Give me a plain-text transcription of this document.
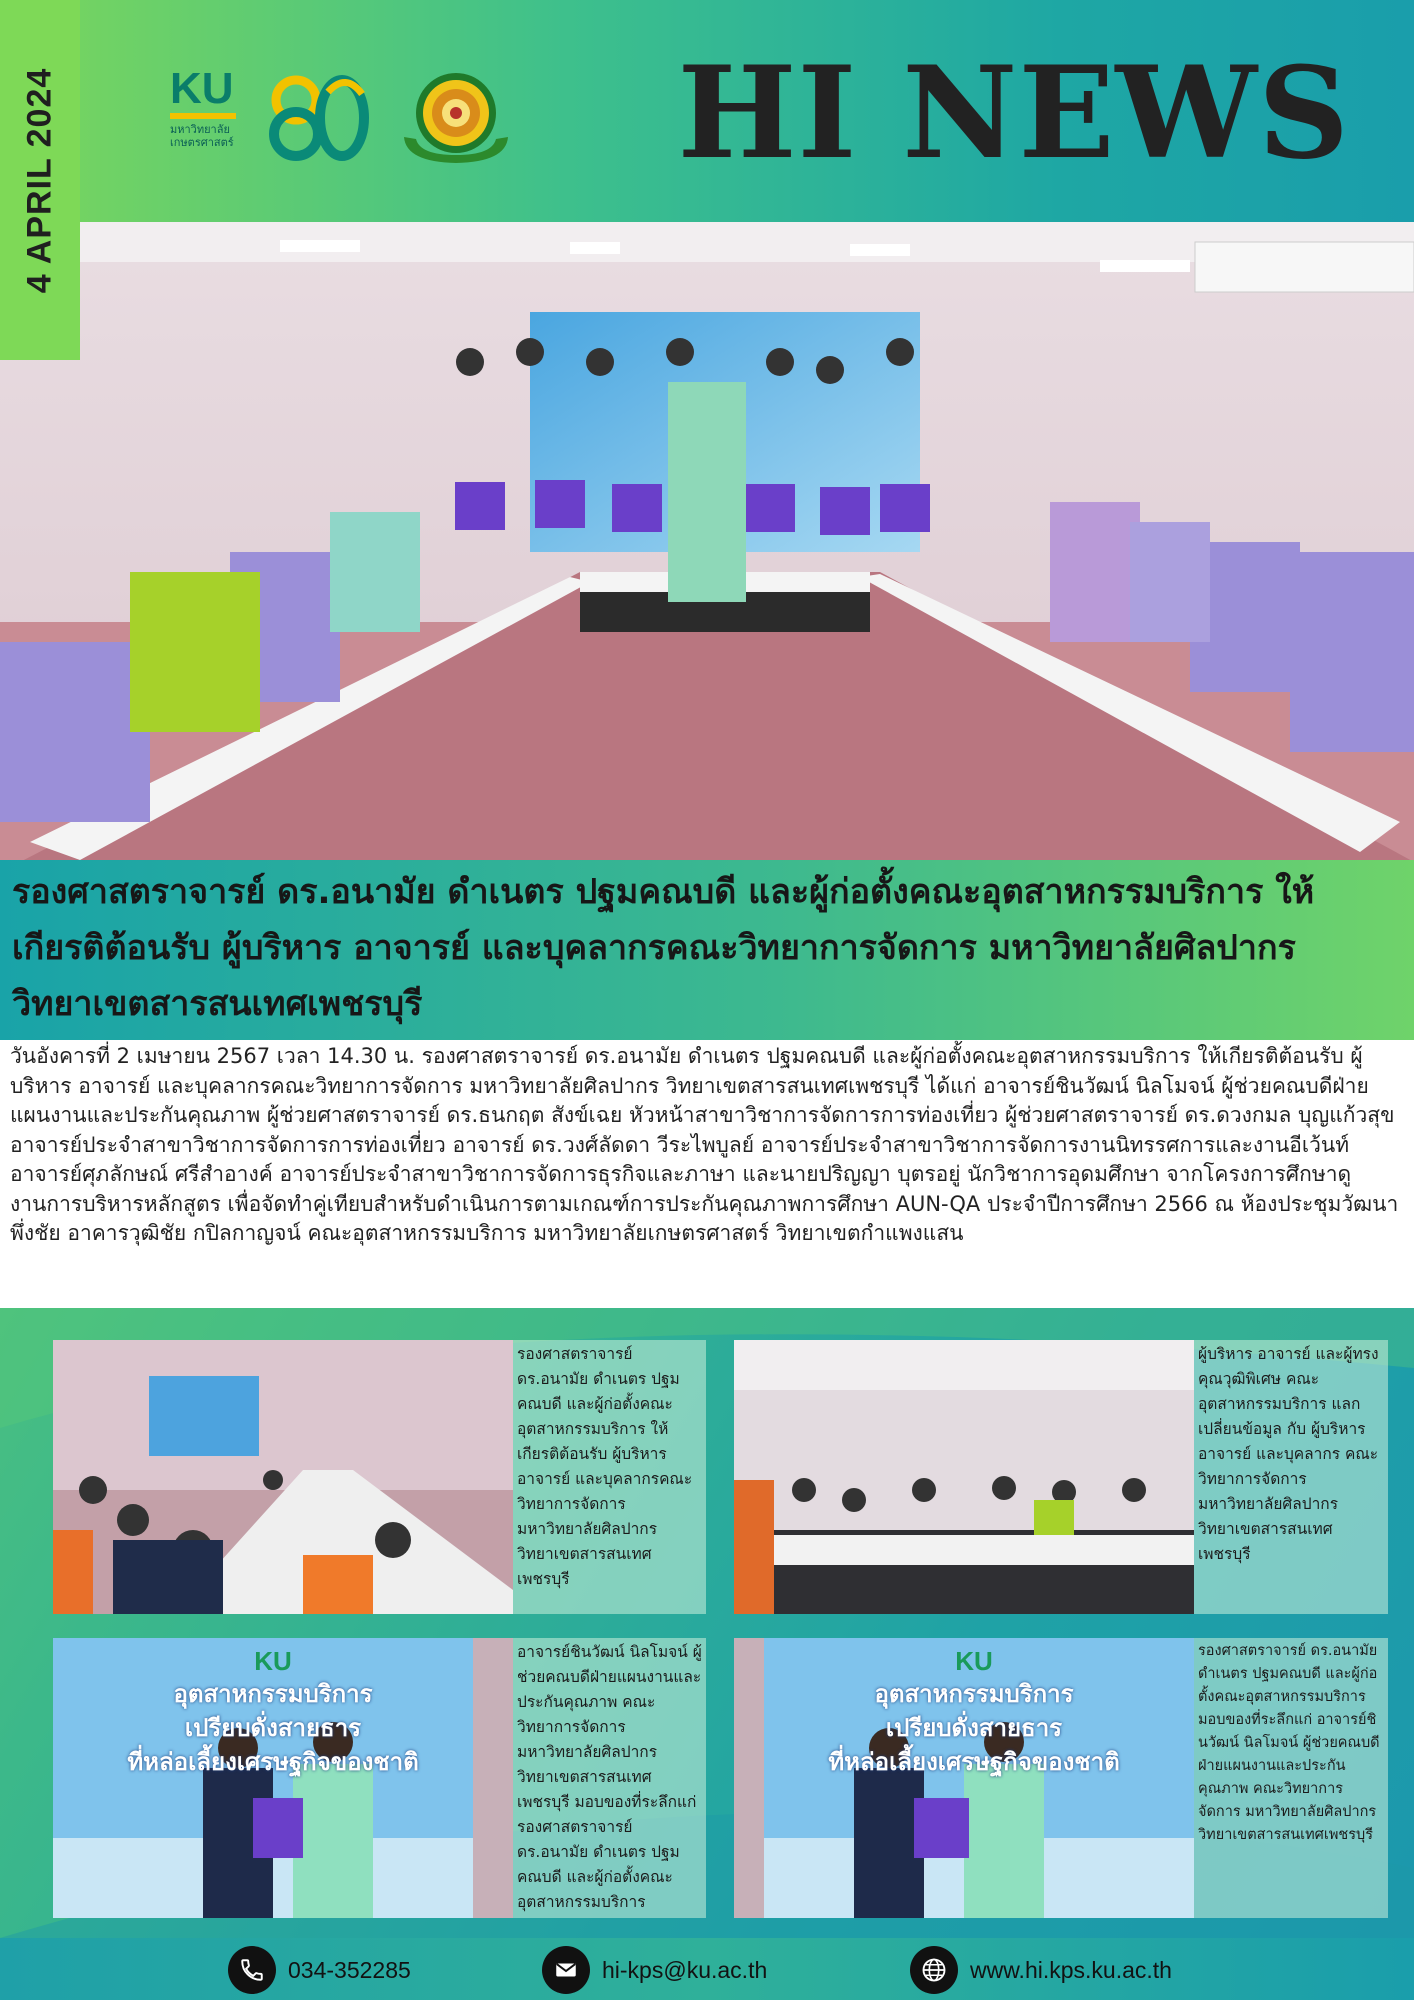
KU
มหาวิทยาลัย
เกษตรศาสตร์	HI NEWS
4 APRIL 2024
รองศาสตราจารย์ ดร.อนามัย ดำเนตร ปฐมคณบดี และผู้ก่อตั้งคณะอุตสาหกรรมบริการ ให้เกียรติต้อนรับ ผู้บริหาร อาจารย์ และบุคลากรคณะวิทยาการจัดการ มหาวิทยาลัยศิลปากร วิทยาเขตสารสนเทศเพชรบุรี

วันอังคารที่ 2 เมษายน 2567 เวลา 14.30 น. รองศาสตราจารย์ ดร.อนามัย ดำเนตร ปฐมคณบดี และผู้ก่อตั้งคณะอุตสาหกรรมบริการ ให้เกียรติต้อนรับ ผู้บริหาร อาจารย์ และบุคลากรคณะวิทยาการจัดการ มหาวิทยาลัยศิลปากร วิทยาเขตสารสนเทศเพชรบุรี ได้แก่ อาจารย์ชินวัฒน์ นิลโมจน์ ผู้ช่วยคณบดีฝ่ายแผนงานและประกันคุณภาพ ผู้ช่วยศาสตราจารย์ ดร.ธนกฤต สังข์เฉย หัวหน้าสาขาวิชาการจัดการการท่องเที่ยว ผู้ช่วยศาสตราจารย์ ดร.ดวงกมล บุญแก้วสุข อาจารย์ประจำสาขาวิชาการจัดการการท่องเที่ยว อาจารย์ ดร.วงศ์ลัดดา วีระไพบูลย์ อาจารย์ประจำสาขาวิชาการจัดการงานนิทรรศการและงานอีเว้นท์ อาจารย์ศุภลักษณ์ ศรีสำอางค์ อาจารย์ประจำสาขาวิชาการจัดการธุรกิจและภาษา และนายปริญญา บุตรอยู่ นักวิชาการอุดมศึกษา จากโครงการศึกษาดูงานการบริหารหลักสูตร เพื่อจัดทำคู่เทียบสำหรับดำเนินการตามเกณฑ์การประกันคุณภาพการศึกษา AUN-QA ประจำปีการศึกษา 2566 ณ ห้องประชุมวัฒนา พึ่งชัย อาคารวุฒิชัย กปิลกาญจน์ คณะอุตสาหกรรมบริการ มหาวิทยาลัยเกษตรศาสตร์ วิทยาเขตกำแพงแสน

รองศาสตราจารย์ ดร.อนามัย ดำเนตร ปฐมคณบดี และผู้ก่อตั้งคณะอุตสาหกรรมบริการ ให้เกียรติต้อนรับ ผู้บริหาร อาจารย์ และบุคลากรคณะวิทยาการจัดการ มหาวิทยาลัยศิลปากร วิทยาเขตสารสนเทศเพชรบุรี
ผู้บริหาร อาจารย์ และผู้ทรงคุณวุฒิพิเศษ คณะอุตสาหกรรมบริการ แลกเปลี่ยนข้อมูล กับ ผู้บริหาร อาจารย์ และบุคลากร คณะวิทยาการจัดการ มหาวิทยาลัยศิลปากร วิทยาเขตสารสนเทศเพชรบุรี
KU
อุตสาหกรรมบริการ
เปรียบดั่งสายธาร
ที่หล่อเลี้ยงเศรษฐกิจของชาติ
อาจารย์ชินวัฒน์ นิลโมจน์ ผู้ช่วยคณบดีฝ่ายแผนงานและประกันคุณภาพ คณะวิทยาการจัดการ มหาวิทยาลัยศิลปากร วิทยาเขตสารสนเทศเพชรบุรี มอบของที่ระลึกแก่ รองศาสตราจารย์ ดร.อนามัย ดำเนตร ปฐมคณบดี และผู้ก่อตั้งคณะอุตสาหกรรมบริการ
KU
อุตสาหกรรมบริการ
เปรียบดั่งสายธาร
ที่หล่อเลี้ยงเศรษฐกิจของชาติ
รองศาสตราจารย์ ดร.อนามัย ดำเนตร ปฐมคณบดี และผู้ก่อตั้งคณะอุตสาหกรรมบริการ มอบของที่ระลึกแก่ อาจารย์ชินวัฒน์ นิลโมจน์ ผู้ช่วยคณบดีฝ่ายแผนงานและประกันคุณภาพ คณะวิทยาการจัดการ มหาวิทยาลัยศิลปากร วิทยาเขตสารสนเทศเพชรบุรี
034-352285	hi-kps@ku.ac.th	www.hi.kps.ku.ac.th
